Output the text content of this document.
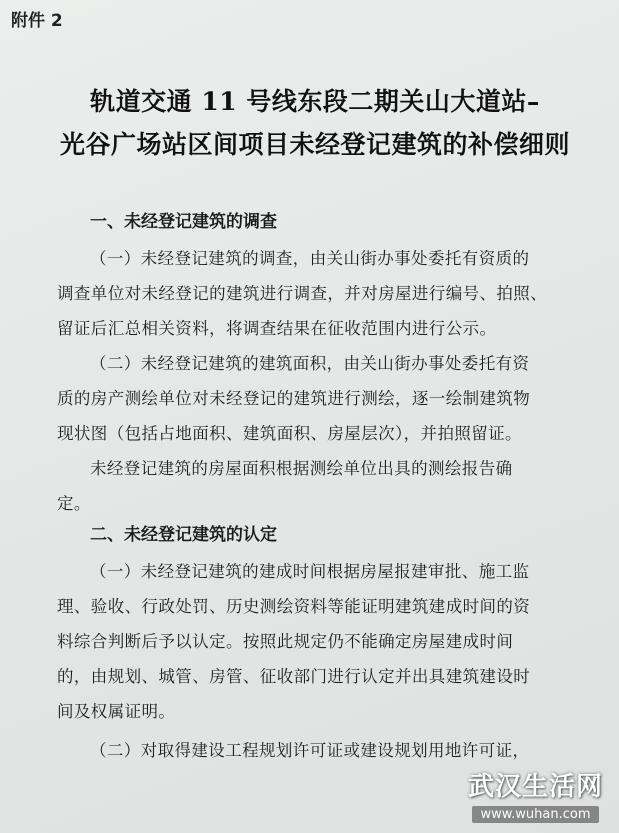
附件 2
轨道交通 11 号线东段二期关山大道站–
光谷广场站区间项目未经登记建筑的补偿细则
一、未经登记建筑的调查
（一）未经登记建筑的调查，由关山街办事处委托有资质的
调查单位对未经登记的建筑进行调查，并对房屋进行编号、拍照、
留证后汇总相关资料，将调查结果在征收范围内进行公示。
（二）未经登记建筑的建筑面积，由关山街办事处委托有资
质的房产测绘单位对未经登记的建筑进行测绘，逐一绘制建筑物
现状图（包括占地面积、建筑面积、房屋层次），并拍照留证。
未经登记建筑的房屋面积根据测绘单位出具的测绘报告确
定。
二、未经登记建筑的认定
（一）未经登记建筑的建成时间根据房屋报建审批、施工监
理、验收、行政处罚、历史测绘资料等能证明建筑建成时间的资
料综合判断后予以认定。按照此规定仍不能确定房屋建成时间
的，由规划、城管、房管、征收部门进行认定并出具建筑建设时
间及权属证明。
（二）对取得建设工程规划许可证或建设规划用地许可证，
武汉生活网
www.wuhan.com
